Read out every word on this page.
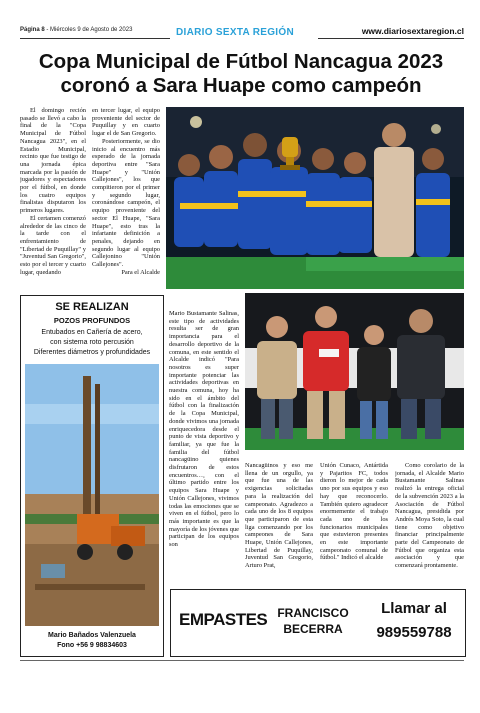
Página 8 - Miércoles 9 de Agosto de 2023	DIARIO SEXTA REGIÓN	www.diariosextaregion.cl
Copa Municipal de Fútbol Nancagua 2023
coronó a Sara Huape como campeón

El domingo reción pasado se llevó a cabo la final de la "Copa Municipal de Fútbol Nancagua 2023", en el Estadio Municipal, recinto que fue testigo de una jornada épica marcada por la pasión de jugadores y espectadores por el fútbol, en donde los cuatro equipos finalistas disputaron los primeros lugares.

El certamen comenzó alrededor de las cinco de la tarde con el enfrentamiento de "Libertad de Puquillay" y "Juventud San Gregorio", esto por el tercer y cuarto lugar, quedando

en tercer lugar, el equipo proveniente del sector de Puquillay y en cuarto lugar el de San Gregorio.

Posteriormente, se dio inicio al encuentro más esperado de la jornada deportiva entre "Sara Huape" y "Unión Callejones", los que compitieron por el primer y segundo lugar, coronándose campeón, el equipo proveniente del sector El Huape, "Sara Huape", esto tras la infartante definición a penales, dejando en segundo lugar al equipo Callejonino "Unión Callejones".

Para el Alcalde

SE REALIZAN
POZOS PROFUNDOS
Entubados en Cañería de acero,
con sistema roto percusión
Diferentes diámetros y profundidades
Mario Bañados Valenzuela
Fono +56 9 98834603

Mario Bustamante Salinas, este tipo de actividades resulta ser de gran importancia para el desarrollo deportivo de la comuna, en este sentido el Alcalde indicó "Para nosotros es super importante potenciar las actividades deportivas en nuestra comuna, hoy ha sido en el ámbito del fútbol con la finalización de la Copa Municipal, donde vivimos una jornada enriquecedora desde el punto de vista deportivo y familiar, ya que fue la familia del fútbol nancagüino quienes disfrutaron de estos encuentros…, con el último partido entre los equipos Sara Huape y Unión Callejones, vivimos todas las emociones que se viven en el fútbol, pero lo más importante es que la mayoría de los jóvenes que participan de los equipos son

Nancagüinos y eso me llena de un orgullo, ya que fue una de las exigencias solicitadas para la realización del campeonato. Agradezco a cada uno de los 8 equipos que participaron de esta liga comenzando por los campeones de Sara Huape, Unión Callejones, Libertad de Puquillay, Juventud San Gregorio, Arturo Prat,

Unión Cunaco, Antártida y Pajaritos FC, todos dieron lo mejor de cada uno por sus equipos y eso hay que reconocerlo. También quiero agradecer enormemente el trabajo cada uno de los funcionarios municipales que estuvieron presentes en este importante campeonato comunal de fútbol." Indicó el alcalde

Como corolario de la jornada, el Alcalde Mario Bustamante Salinas realizó la entrega oficial de la subvención 2023 a la Asociación de Fútbol Nancagua, presidida por Andrés Moya Soto, la cual tiene como objetivo financiar principalmente parte del Campeonato de Fútbol que organiza esta asociación y que comenzará prontamente.

EMPASTES FRANCISCO
BECERRA
Llamar al
989559788
